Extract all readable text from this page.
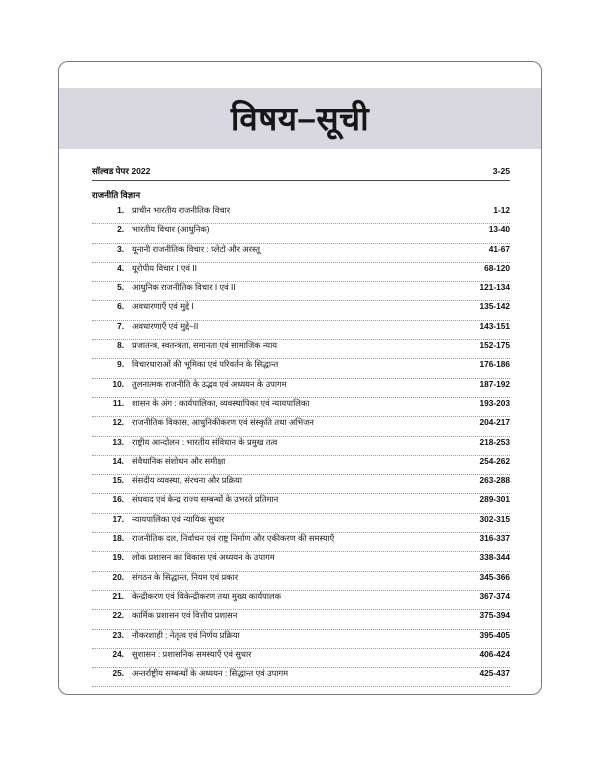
विषय–सूची
सॉल्वड पेपर 2022	3-25
राजनीति विज्ञान
1. प्राचीन भारतीय राजनीतिक विचार	1-12
2. भारतीय विचार (आधुनिक)	13-40
3. यूनानी राजनीतिक विचार : प्लेटो और अरस्तू	41-67
4. यूरोपीय विचार I एवं II	68-120
5. आधुनिक राजनीतिक विचार I एवं II	121-134
6. अवधारणाएँ एवं मुद्दे I	135-142
7. अवधारणाएँ एवं मुद्दे–II	143-151
8. प्रजातन्त्र, स्वतन्त्रता, समानता एवं सामाजिक न्याय	152-175
9. विचारधाराओं की भूमिका एवं परिवर्तन के सिद्धान्त	176-186
10. तुलनात्मक राजनीति के उद्भव एवं अध्ययन के उपागम	187-192
11. शासन के अंग : कार्यपालिका, व्यवस्थापिका एवं न्यायपालिका	193-203
12. राजनीतिक विकास, आधुनिकीकरण एवं संस्कृति तथा अभिजन	204-217
13. राष्ट्रीय आन्दोलन : भारतीय संविधान के प्रमुख तत्व	218-253
14. संवैधानिक संशोधन और समीक्षा	254-262
15. संसदीय व्यवस्था, संरचना और प्रक्रिया	263-288
16. संघवाद एवं केन्द्र राज्य सम्बन्धों के उभरते प्रतिमान	289-301
17. न्यायपालिका एवं न्यायिक सुधार	302-315
18. राजनीतिक दल, निर्वाचन एवं राष्ट्र निर्माण और एकीकरण की समस्याएँ	316-337
19. लोक प्रशासन का विकास एवं अध्ययन के उपागम	338-344
20. संगठन के सिद्धान्त, नियम एवं प्रकार	345-366
21. केन्द्रीकरण एवं विकेन्द्रीकरण तथा मुख्य कार्यपालक	367-374
22. कार्मिक प्रशासन एवं वित्तीय प्रशासन	375-394
23. नौकरशाही : नेतृत्व एवं निर्णय प्रक्रिया	395-405
24. सुशासन : प्रशासनिक समस्याएँ एवं सुधार	406-424
25. अन्तर्राष्ट्रीय सम्बन्धों के अध्ययन : सिद्धान्त एवं उपागम	425-437
